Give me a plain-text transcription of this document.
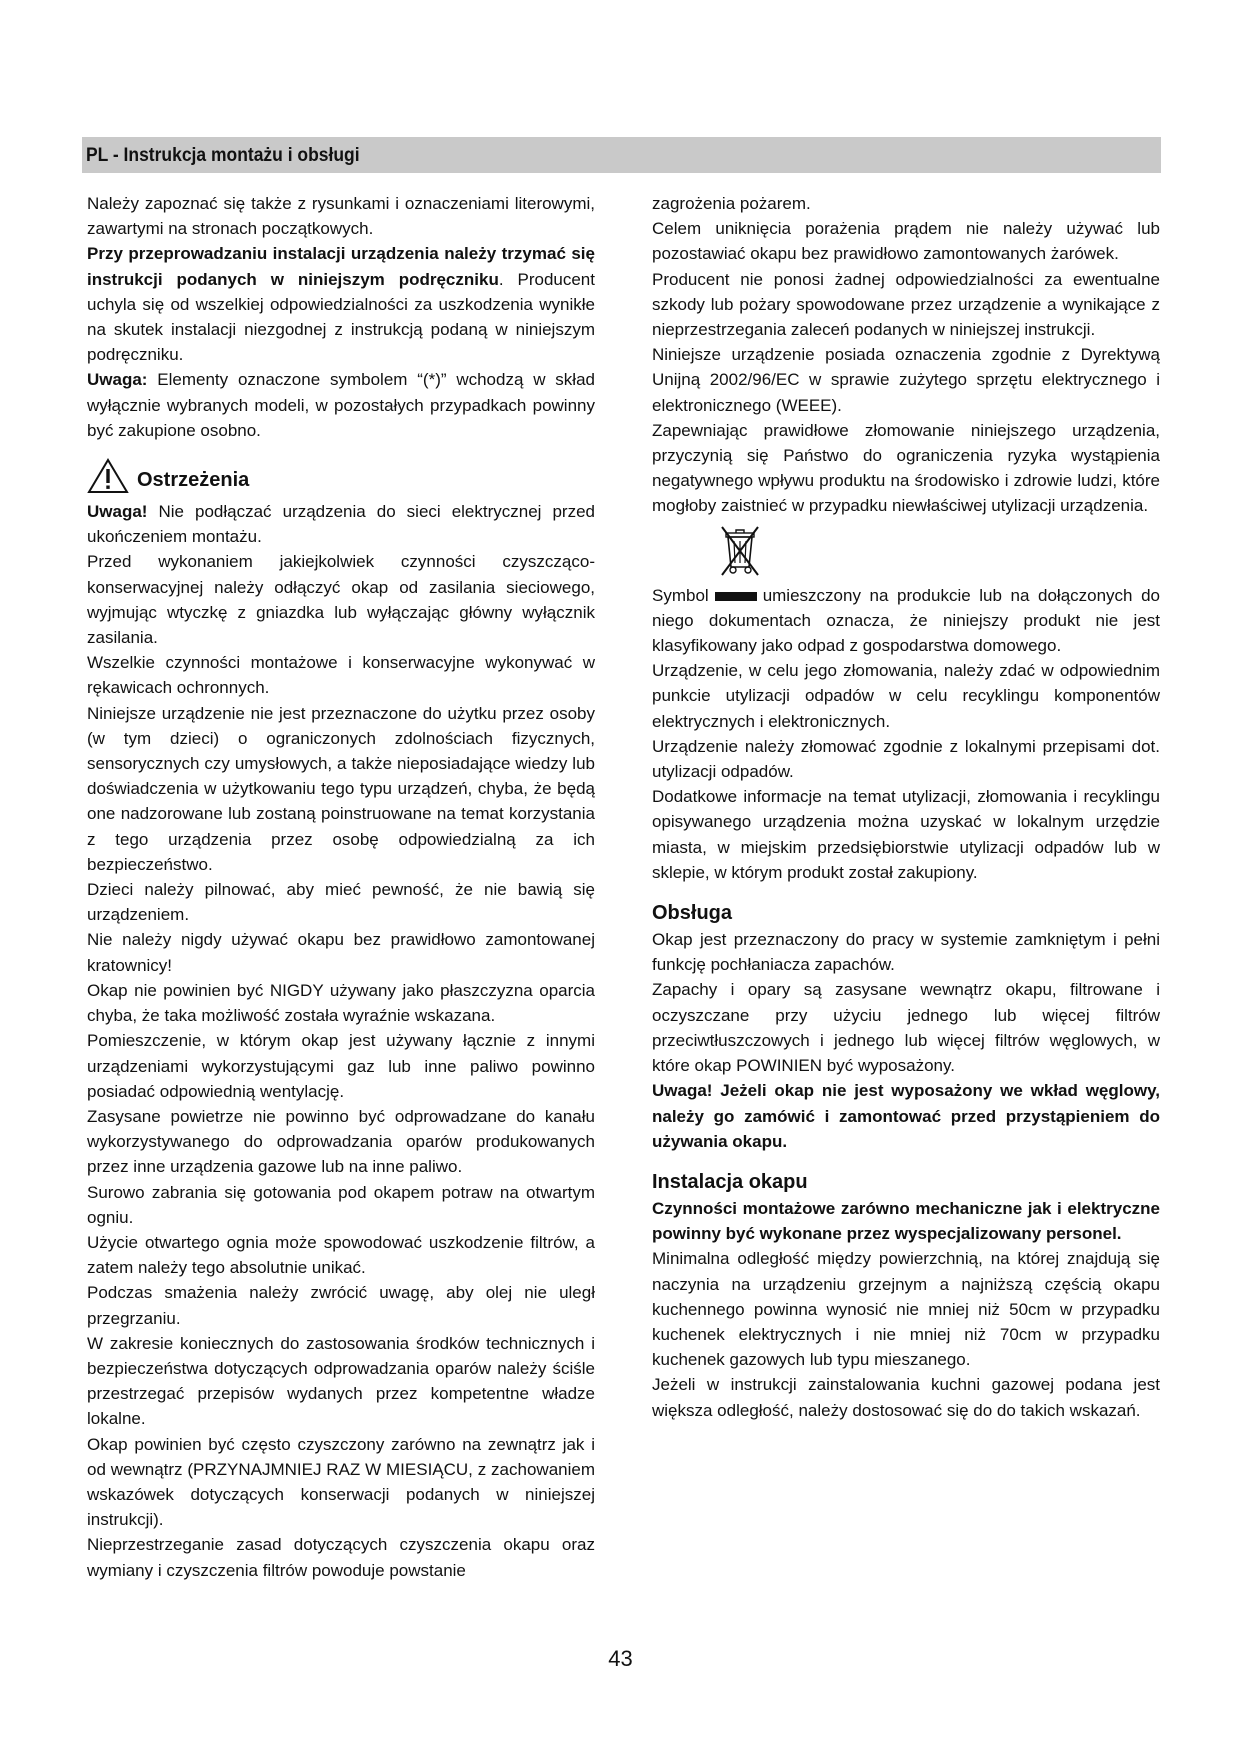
PL - Instrukcja montażu i obsługi

Należy zapoznać się także z rysunkami i oznaczeniami literowymi, zawartymi na stronach początkowych.

Przy przeprowadzaniu instalacji urządzenia należy trzymać się instrukcji podanych w niniejszym podręczniku. Producent uchyla się od wszelkiej odpowiedzialności za uszkodzenia wynikłe na skutek instalacji niezgodnej z instrukcją podaną w niniejszym podręczniku.

Uwaga: Elementy oznaczone symbolem “(*)” wchodzą w skład wyłącznie wybranych modeli, w pozostałych przypadkach powinny być zakupione osobno.

Ostrzeżenia

Uwaga! Nie podłączać urządzenia do sieci elektrycznej przed ukończeniem montażu.

Przed wykonaniem jakiejkolwiek czynności czyszcząco-konserwacyjnej należy odłączyć okap od zasilania sieciowego, wyjmując wtyczkę z gniazdka lub wyłączając główny wyłącznik zasilania.

Wszelkie czynności montażowe i konserwacyjne wykonywać w rękawicach ochronnych.

Niniejsze urządzenie nie jest przeznaczone do użytku przez osoby (w tym dzieci) o ograniczonych zdolnościach fizycznych, sensorycznych czy umysłowych, a także nieposiadające wiedzy lub doświadczenia w użytkowaniu tego typu urządzeń, chyba, że będą one nadzorowane lub zostaną poinstruowane na temat korzystania z tego urządzenia przez osobę odpowiedzialną za ich bezpieczeństwo.

Dzieci należy pilnować, aby mieć pewność, że nie bawią się urządzeniem.

Nie należy nigdy używać okapu bez prawidłowo zamontowanej kratownicy!

Okap nie powinien być NIGDY używany jako płaszczyzna oparcia chyba, że taka możliwość została wyraźnie wskazana.

Pomieszczenie, w którym okap jest używany łącznie z innymi urządzeniami wykorzystującymi gaz lub inne paliwo powinno posiadać odpowiednią wentylację.

Zasysane powietrze nie powinno być odprowadzane do kanału wykorzystywanego do odprowadzania oparów produkowanych przez inne urządzenia gazowe lub na inne paliwo.

Surowo zabrania się gotowania pod okapem potraw na otwartym ogniu.

Użycie otwartego ognia może spowodować uszkodzenie filtrów, a zatem należy tego absolutnie unikać.

Podczas smażenia należy zwrócić uwagę, aby olej nie uległ przegrzaniu.

W zakresie koniecznych do zastosowania środków technicznych i bezpieczeństwa dotyczących odprowadzania oparów należy ściśle przestrzegać przepisów wydanych przez kompetentne władze lokalne.

Okap powinien być często czyszczony zarówno na zewnątrz jak i od wewnątrz (PRZYNAJMNIEJ RAZ W MIESIĄCU, z zachowaniem wskazówek dotyczących konserwacji podanych w niniejszej instrukcji).

Nieprzestrzeganie zasad dotyczących czyszczenia okapu oraz wymiany i czyszczenia filtrów powoduje powstanie

zagrożenia pożarem.

Celem uniknięcia porażenia prądem nie należy używać lub pozostawiać okapu bez prawidłowo zamontowanych żarówek.

Producent nie ponosi żadnej odpowiedzialności za ewentualne szkody lub pożary spowodowane przez urządzenie a wynikające z nieprzestrzegania zaleceń podanych w niniejszej instrukcji.

Niniejsze urządzenie posiada oznaczenia zgodnie z Dyrektywą Unijną 2002/96/EC w sprawie zużytego sprzętu elektrycznego i elektronicznego (WEEE).

Zapewniając prawidłowe złomowanie niniejszego urządzenia, przyczynią się Państwo do ograniczenia ryzyka wystąpienia negatywnego wpływu produktu na środowisko i zdrowie ludzi, które mogłoby zaistnieć w przypadku niewłaściwej utylizacji urządzenia.

Symbol	umieszczony na produkcie lub na dołączonych do niego dokumentach oznacza, że niniejszy produkt nie jest klasyfikowany jako odpad z gospodarstwa domowego.

Urządzenie, w celu jego złomowania, należy zdać w odpowiednim punkcie utylizacji odpadów w celu recyklingu komponentów elektrycznych i elektronicznych.

Urządzenie należy złomować zgodnie z lokalnymi przepisami dot. utylizacji odpadów.

Dodatkowe informacje na temat utylizacji, złomowania i recyklingu opisywanego urządzenia można uzyskać w lokalnym urzędzie miasta, w miejskim przedsiębiorstwie utylizacji odpadów lub w sklepie, w którym produkt został zakupiony.

Obsługa

Okap jest przeznaczony do pracy w systemie zamkniętym i pełni funkcję pochłaniacza zapachów.

Zapachy i opary są zasysane wewnątrz okapu, filtrowane i oczyszczane przy użyciu jednego lub więcej filtrów przeciwtłuszczowych i jednego lub więcej filtrów węglowych, w które okap POWINIEN być wyposażony.

Uwaga! Jeżeli okap nie jest wyposażony we wkład węglowy, należy go zamówić i zamontować przed przystąpieniem do używania okapu.

Instalacja okapu

Czynności montażowe zarówno mechaniczne jak i elektryczne powinny być wykonane przez wyspecjalizowany personel.

Minimalna odległość między powierzchnią, na której znajdują się naczynia na urządzeniu grzejnym a najniższą częścią okapu kuchennego powinna wynosić nie mniej niż 50cm w przypadku kuchenek elektrycznych i nie mniej niż 70cm w przypadku kuchenek gazowych lub typu mieszanego.

Jeżeli w instrukcji zainstalowania kuchni gazowej podana jest większa odległość, należy dostosować się do do takich wskazań.

43
